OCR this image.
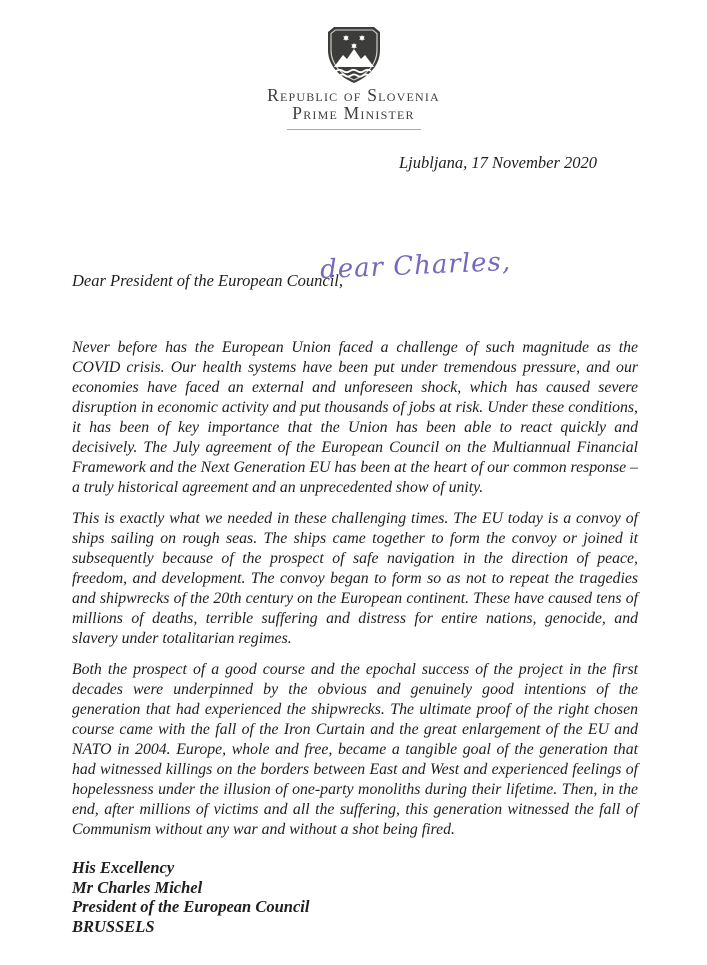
Republic of Slovenia
Prime Minister
Ljubljana, 17 November 2020
Dear President of the European Council,
dear Charles,

Never before has the European Union faced a challenge of such magnitude as the COVID crisis. Our health systems have been put under tremendous pressure, and our economies have faced an external and unforeseen shock, which has caused severe disruption in economic activity and put thousands of jobs at risk. Under these conditions, it has been of key importance that the Union has been able to react quickly and decisively. The July agreement of the European Council on the Multiannual Financial Framework and the Next Generation EU has been at the heart of our common response – a truly historical agreement and an unprecedented show of unity.

This is exactly what we needed in these challenging times. The EU today is a convoy of ships sailing on rough seas. The ships came together to form the convoy or joined it subsequently because of the prospect of safe navigation in the direction of peace, freedom, and development. The convoy began to form so as not to repeat the tragedies and shipwrecks of the 20th century on the European continent. These have caused tens of millions of deaths, terrible suffering and distress for entire nations, genocide, and slavery under totalitarian regimes.

Both the prospect of a good course and the epochal success of the project in the first decades were underpinned by the obvious and genuinely good intentions of the generation that had experienced the shipwrecks. The ultimate proof of the right chosen course came with the fall of the Iron Curtain and the great enlargement of the EU and NATO in 2004. Europe, whole and free, became a tangible goal of the generation that had witnessed killings on the borders between East and West and experienced feelings of hopelessness under the illusion of one-party monoliths during their lifetime. Then, in the end, after millions of victims and all the suffering, this generation witnessed the fall of Communism without any war and without a shot being fired.

His Excellency
Mr Charles Michel
President of the European Council
BRUSSELS
